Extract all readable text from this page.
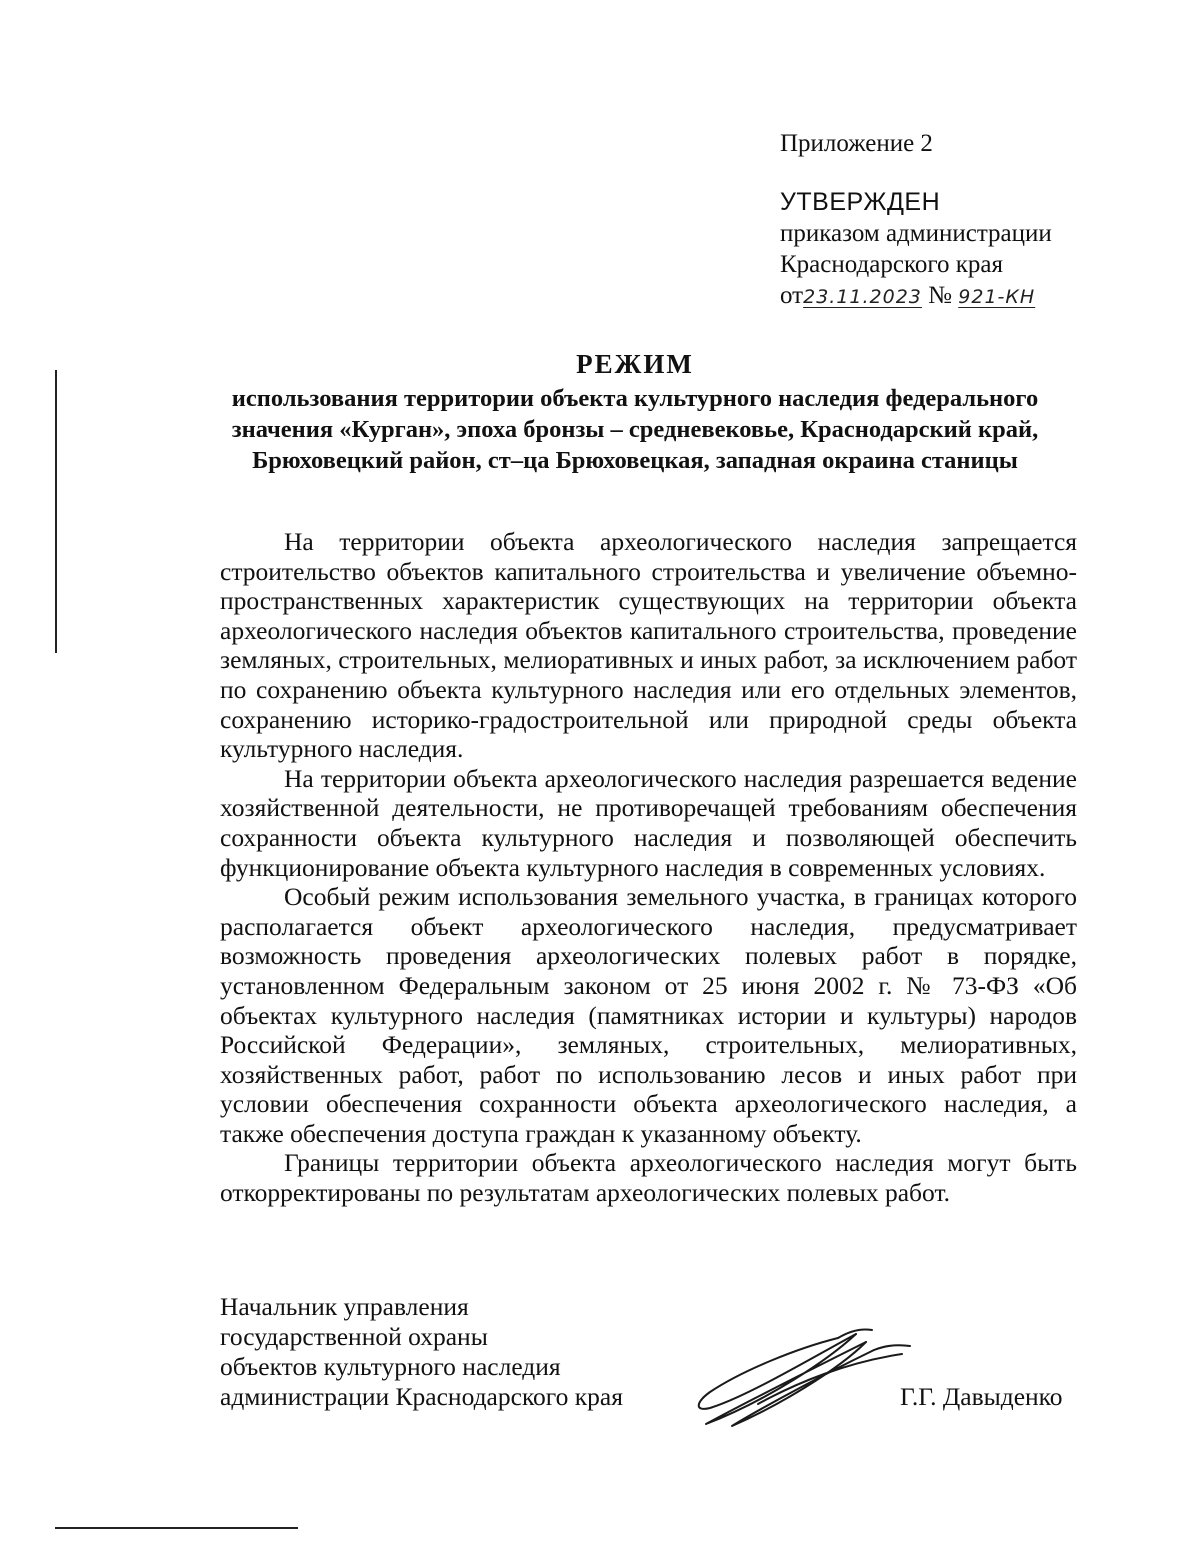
Приложение 2
УТВЕРЖДЕН
приказом администрации
Краснодарского края
от23.11.2023 № 921-КН
РЕЖИМ
использования территории объекта культурного наследия федерального значения «Курган», эпоха бронзы – средневековье, Краснодарский край, Брюховецкий район, ст–ца Брюховецкая, западная окраина станицы

На территории объекта археологического наследия запрещается строительство объектов капитального строительства и увеличение объемно-пространственных характеристик существующих на территории объекта археологического наследия объектов капитального строительства, проведение земляных, строительных, мелиоративных и иных работ, за исключением работ по сохранению объекта культурного наследия или его отдельных элементов, сохранению историко-градостроительной или природной среды объекта культурного наследия.

На территории объекта археологического наследия разрешается ведение хозяйственной деятельности, не противоречащей требованиям обеспечения сохранности объекта культурного наследия и позволяющей обеспечить функционирование объекта культурного наследия в современных условиях.

Особый режим использования земельного участка, в границах которого располагается объект археологического наследия, предусматривает возможность проведения археологических полевых работ в порядке, установленном Федеральным законом от 25 июня 2002 г. № 73-ФЗ «Об объектах культурного наследия (памятниках истории и культуры) народов Российской Федерации», земляных, строительных, мелиоративных, хозяйственных работ, работ по использованию лесов и иных работ при условии обеспечения сохранности объекта археологического наследия, а также обеспечения доступа граждан к указанному объекту.

Границы территории объекта археологического наследия могут быть откорректированы по результатам археологических полевых работ.

Начальник управления
государственной охраны
объектов культурного наследия
администрации Краснодарского края	Г.Г. Давыденко
